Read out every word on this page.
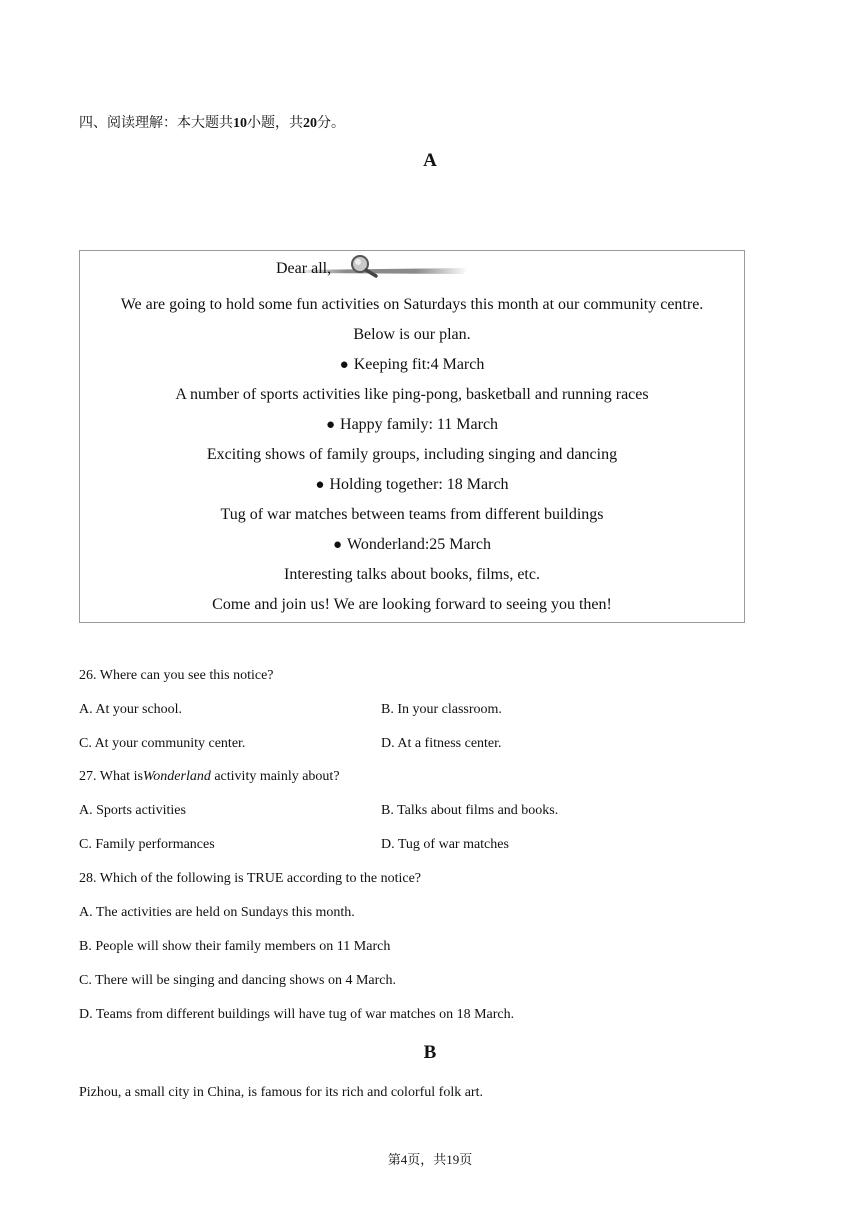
四、阅读理解：本大题共10小题，共20分。
A
Dear all,
We are going to hold some fun activities on Saturdays this month at our community centre.
Below is our plan.
● Keeping fit:4 March
A number of sports activities like ping-pong, basketball and running races
● Happy family: 11 March
Exciting shows of family groups, including singing and dancing
● Holding together: 18 March
Tug of war matches between teams from different buildings
● Wonderland:25 March
Interesting talks about books, films, etc.
Come and join us! We are looking forward to seeing you then!
26. Where can you see this notice?
A. At your school.	B. In your classroom.
C. At your community center.	D. At a fitness center.
27. What isWonderland activity mainly about?
A. Sports activities	B. Talks about films and books.
C. Family performances	D. Tug of war matches
28. Which of the following is TRUE according to the notice?
A. The activities are held on Sundays this month.
B. People will show their family members on 11 March
C. There will be singing and dancing shows on 4 March.
D. Teams from different buildings will have tug of war matches on 18 March.
B
Pizhou, a small city in China, is famous for its rich and colorful folk art.
第4页，共19页
